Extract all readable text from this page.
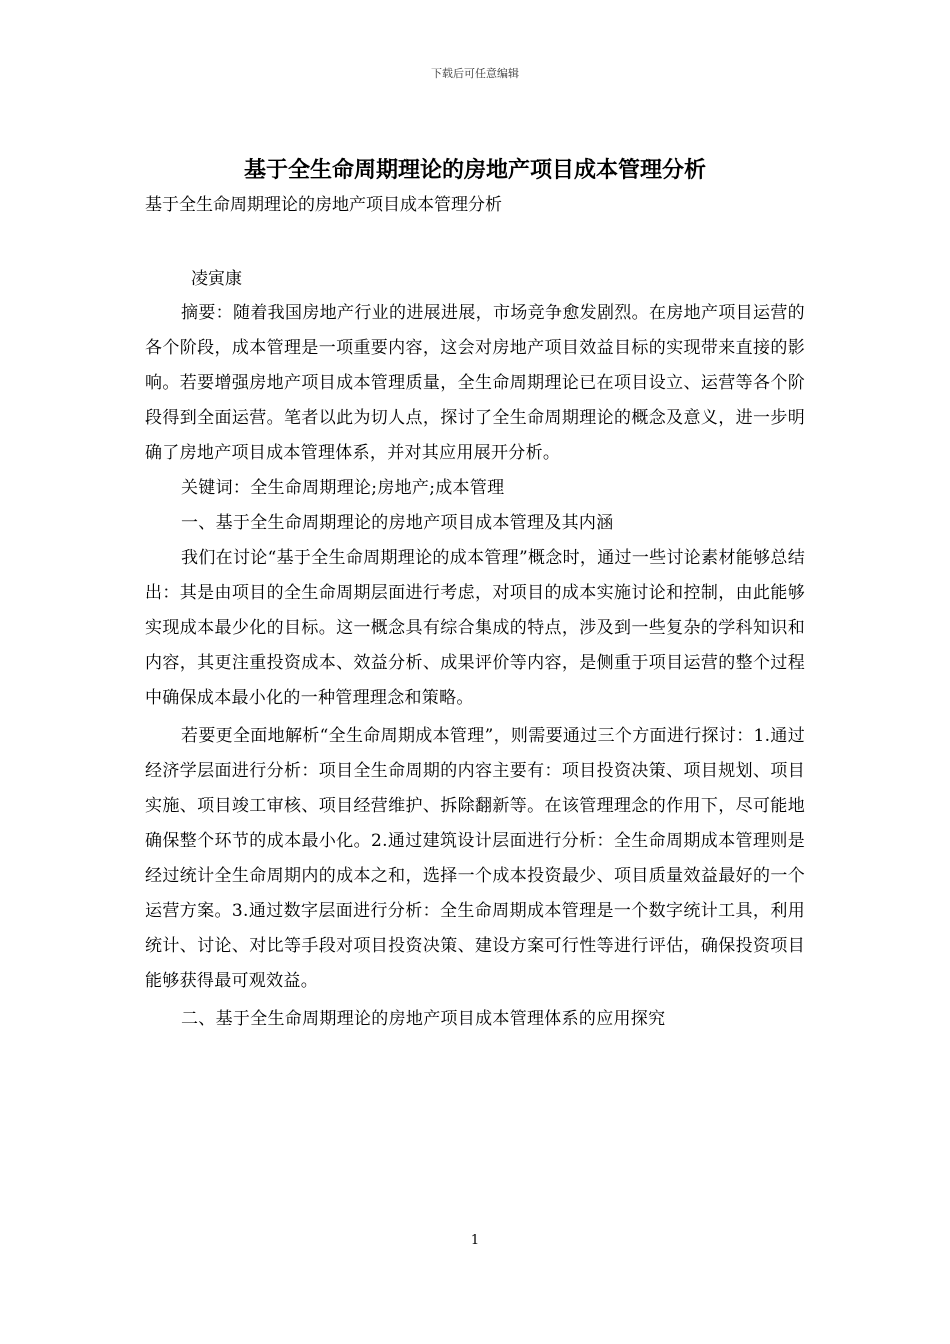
下载后可任意编辑
基于全生命周期理论的房地产项目成本管理分析

基于全生命周期理论的房地产项目成本管理分析

凌寅康

摘要：随着我国房地产行业的进展进展，市场竞争愈发剧烈。在房地产项目运营的各个阶段，成本管理是一项重要内容，这会对房地产项目效益目标的实现带来直接的影响。若要增强房地产项目成本管理质量，全生命周期理论已在项目设立、运营等各个阶段得到全面运营。笔者以此为切人点，探讨了全生命周期理论的概念及意义，进一步明确了房地产项目成本管理体系，并对其应用展开分析。

关键词：全生命周期理论;房地产;成本管理

一、基于全生命周期理论的房地产项目成本管理及其内涵

我们在讨论“基于全生命周期理论的成本管理”概念时，通过一些讨论素材能够总结出：其是由项目的全生命周期层面进行考虑，对项目的成本实施讨论和控制，由此能够实现成本最少化的目标。这一概念具有综合集成的特点，涉及到一些复杂的学科知识和内容，其更注重投资成本、效益分析、成果评价等内容，是侧重于项目运营的整个过程中确保成本最小化的一种管理理念和策略。

若要更全面地解析“全生命周期成本管理”，则需要通过三个方面进行探讨：1.通过经济学层面进行分析：项目全生命周期的内容主要有：项目投资决策、项目规划、项目实施、项目竣工审核、项目经营维护、拆除翻新等。在该管理理念的作用下，尽可能地确保整个环节的成本最小化。2.通过建筑设计层面进行分析：全生命周期成本管理则是经过统计全生命周期内的成本之和，选择一个成本投资最少、项目质量效益最好的一个运营方案。3.通过数字层面进行分析：全生命周期成本管理是一个数字统计工具，利用统计、讨论、对比等手段对项目投资决策、建设方案可行性等进行评估，确保投资项目能够获得最可观效益。

二、基于全生命周期理论的房地产项目成本管理体系的应用探究

1
